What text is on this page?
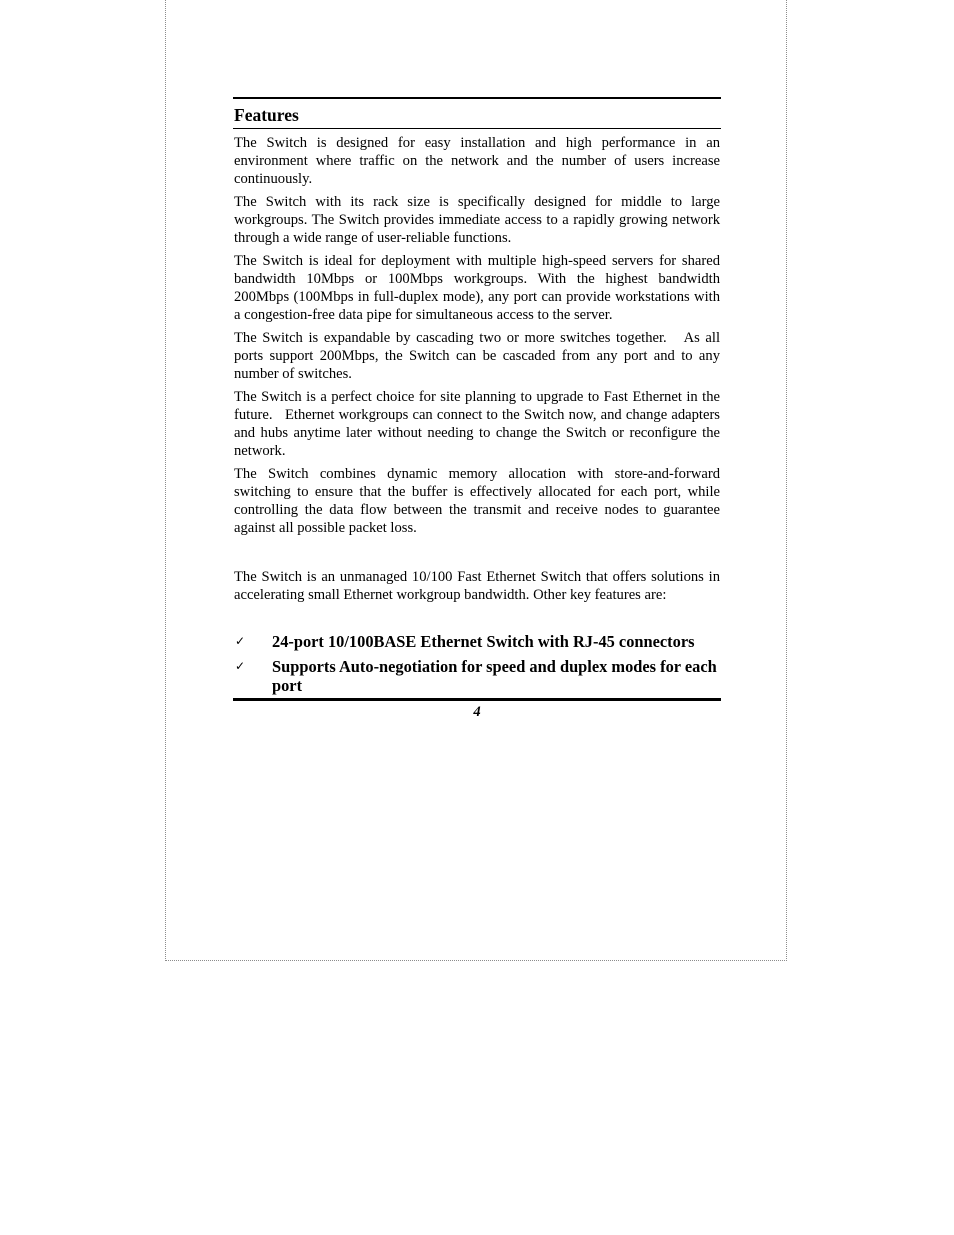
Features

The Switch is designed for easy installation and high performance in an environment where traffic on the network and the number of users increase continuously.

The Switch with its rack size is specifically designed for middle to large workgroups. The Switch provides immediate access to a rapidly growing network through a wide range of user-reliable functions.

The Switch is ideal for deployment with multiple high-speed servers for shared bandwidth 10Mbps or 100Mbps workgroups. With the highest bandwidth 200Mbps (100Mbps in full-duplex mode), any port can provide workstations with a congestion-free data pipe for simultaneous access to the server.

The Switch is expandable by cascading two or more switches together.   As all ports support 200Mbps, the Switch can be cascaded from any port and to any number of switches.

The Switch is a perfect choice for site planning to upgrade to Fast Ethernet in the future.   Ethernet workgroups can connect to the Switch now, and change adapters and hubs anytime later without needing to change the Switch or reconfigure the network.

The Switch combines dynamic memory allocation with store-and-forward switching to ensure that the buffer is effectively allocated for each port, while controlling the data flow between the transmit and receive nodes to guarantee against all possible packet loss.

The Switch is an unmanaged 10/100 Fast Ethernet Switch that offers solutions in accelerating small Ethernet workgroup bandwidth. Other key features are:

✓ 24-port 10/100BASE Ethernet Switch with RJ-45 connectors
✓ Supports Auto-negotiation for speed and duplex modes for each port
4
